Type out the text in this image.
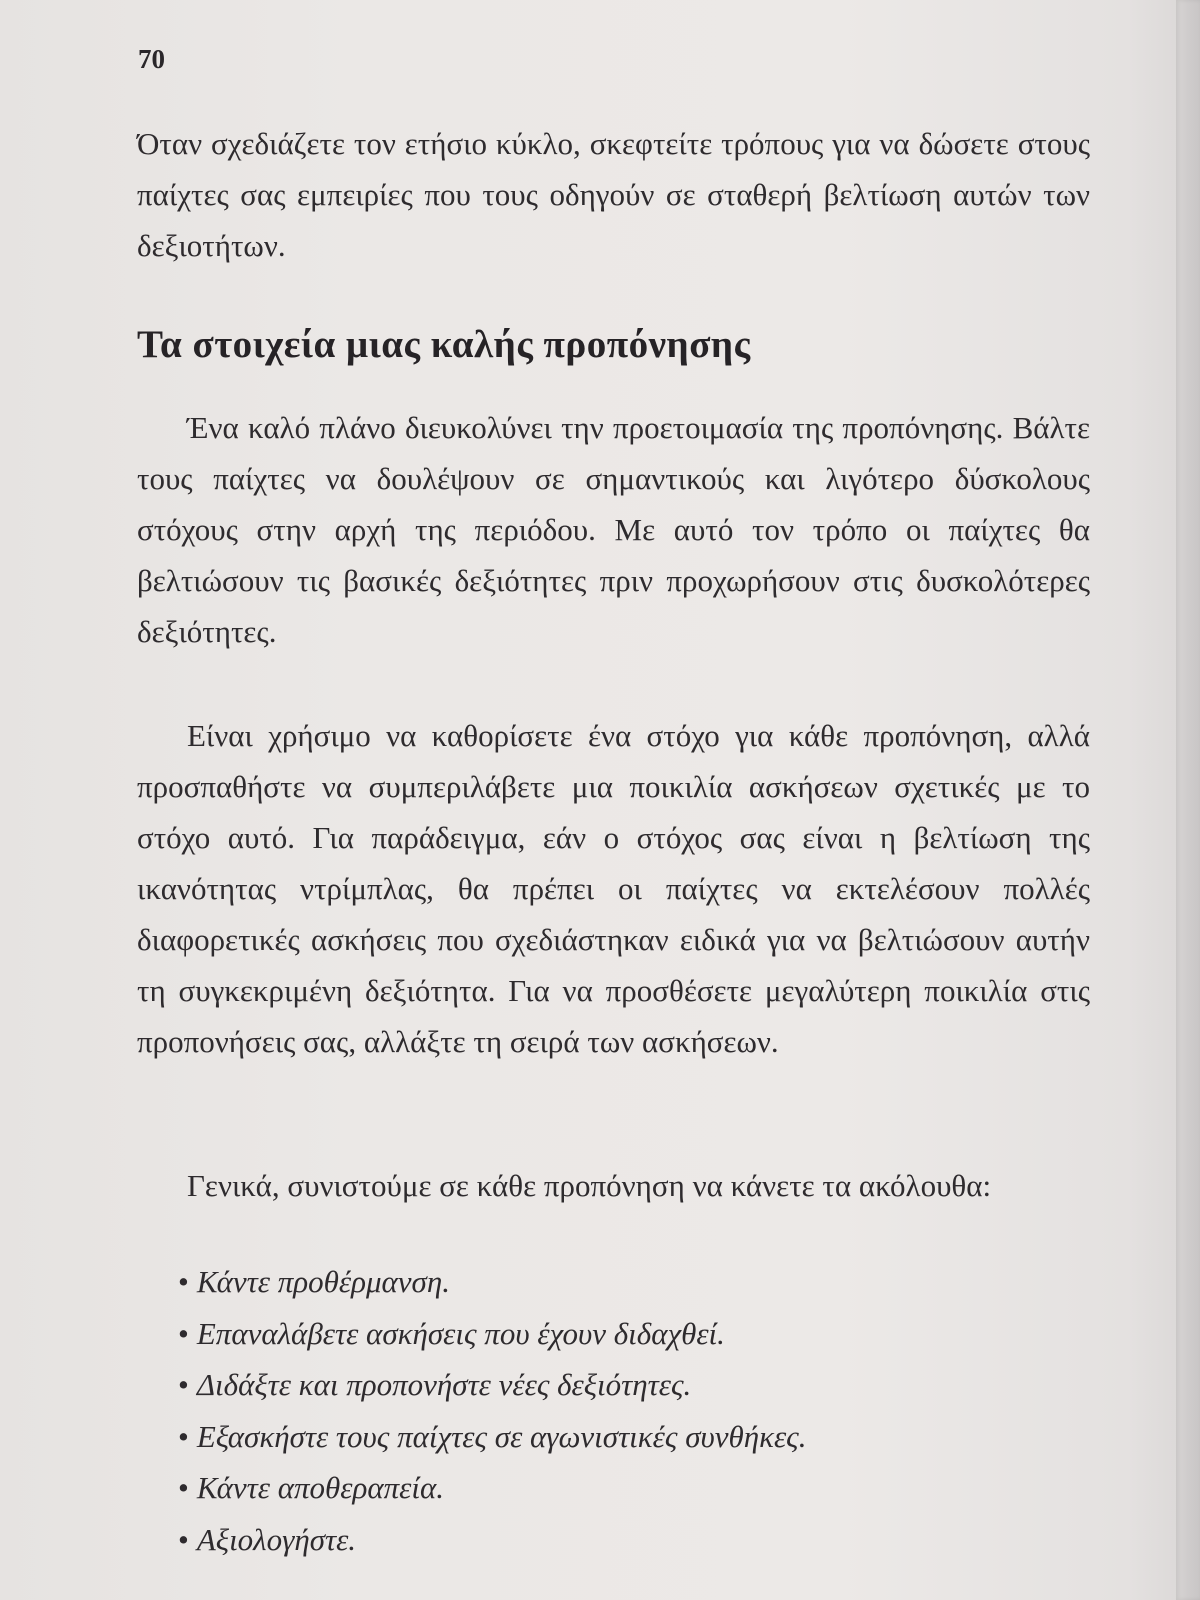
70

Όταν σχεδιάζετε τον ετήσιο κύκλο, σκεφτείτε τρόπους για να δώσετε στους παίχτες σας εμπειρίες που τους οδηγούν σε σταθερή βελτίωση αυτών των δεξιοτήτων.

Τα στοιχεία μιας καλής προπόνησης

Ένα καλό πλάνο διευκολύνει την προετοιμασία της προπόνησης. Βάλτε τους παίχτες να δουλέψουν σε σημαντικούς και λιγότερο δύσκολους στόχους στην αρχή της περιόδου. Με αυτό τον τρόπο οι παίχτες θα βελτιώσουν τις βασικές δεξιότητες πριν προχωρήσουν στις δυσκολότερες δεξιότητες.

Είναι χρήσιμο να καθορίσετε ένα στόχο για κάθε προπόνηση, αλλά προσπαθήστε να συμπεριλάβετε μια ποικιλία ασκήσεων σχετικές με το στόχο αυτό. Για παράδειγμα, εάν ο στόχος σας είναι η βελτίωση της ικανότητας ντρίμπλας, θα πρέπει οι παίχτες να εκτελέσουν πολλές διαφορετικές ασκήσεις που σχεδιάστηκαν ειδικά για να βελτιώσουν αυτήν τη συγκεκριμένη δεξιότητα. Για να προσθέσετε μεγαλύτερη ποικιλία στις προπονήσεις σας, αλλάξτε τη σειρά των ασκήσεων.

Γενικά, συνιστούμε σε κάθε προπόνηση να κάνετε τα ακόλουθα:

• Κάντε προθέρμανση.
• Επαναλάβετε ασκήσεις που έχουν διδαχθεί.
• Διδάξτε και προπονήστε νέες δεξιότητες.
• Εξασκήστε τους παίχτες σε αγωνιστικές συνθήκες.
• Κάντε αποθεραπεία.
• Αξιολογήστε.
